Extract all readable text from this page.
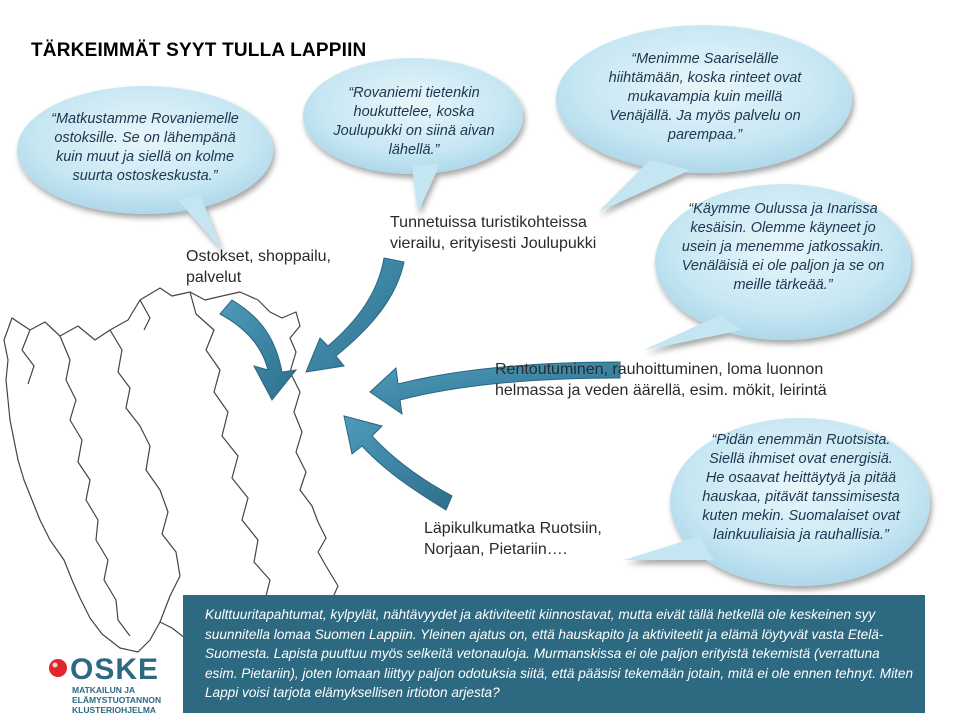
TÄRKEIMMÄT SYYT TULLA LAPPIIN
“Matkustamme Rovaniemelle ostoksille. Se on lähempänä kuin muut ja siellä on kolme suurta ostoskeskusta.”
“Rovaniemi tietenkin houkuttelee, koska Joulupukki on siinä aivan lähellä.”
“Menimme Saariselälle hiihtämään, koska rinteet ovat mukavampia kuin meillä Venäjällä. Ja myös palvelu on parempaa.”
“Käymme Oulussa ja Inarissa kesäisin. Olemme käyneet jo usein ja menemme jatkossakin. Venäläisiä ei ole paljon ja se on meille tärkeää.”
“Pidän enemmän Ruotsista. Siellä ihmiset ovat energisiä. He osaavat heittäytyä ja pitää hauskaa, pitävät tanssimisesta kuten mekin. Suomalaiset ovat lainkuuliaisia ja rauhallisia.”
Ostokset, shoppailu, palvelut
Tunnetuissa turistikohteissa vierailu, erityisesti Joulupukki
Rentoutuminen, rauhoittuminen, loma luonnon helmassa ja veden äärellä, esim. mökit, leirintä
Läpikulkumatka Ruotsiin, Norjaan, Pietariin….
Kulttuuritapahtumat, kylpylät, nähtävyydet ja aktiviteetit kiinnostavat, mutta eivät tällä hetkellä ole keskeinen syy suunnitella lomaa Suomen Lappiin. Yleinen ajatus on, että hauskapito ja aktiviteetit ja elämä löytyvät vasta Etelä-Suomesta. Lapista puuttuu myös selkeitä vetonauloja. Murmanskissa ei ole paljon erityistä tekemistä (verrattuna esim. Pietariin), joten lomaan liittyy paljon odotuksia siitä, että pääsisi tekemään jotain, mitä ei ole ennen tehnyt. Miten Lappi voisi tarjota elämyksellisen irtioton arjesta?
OSKE
MATKAILUN JA
ELÄMYSTUOTANNON
KLUSTERIOHJELMA
